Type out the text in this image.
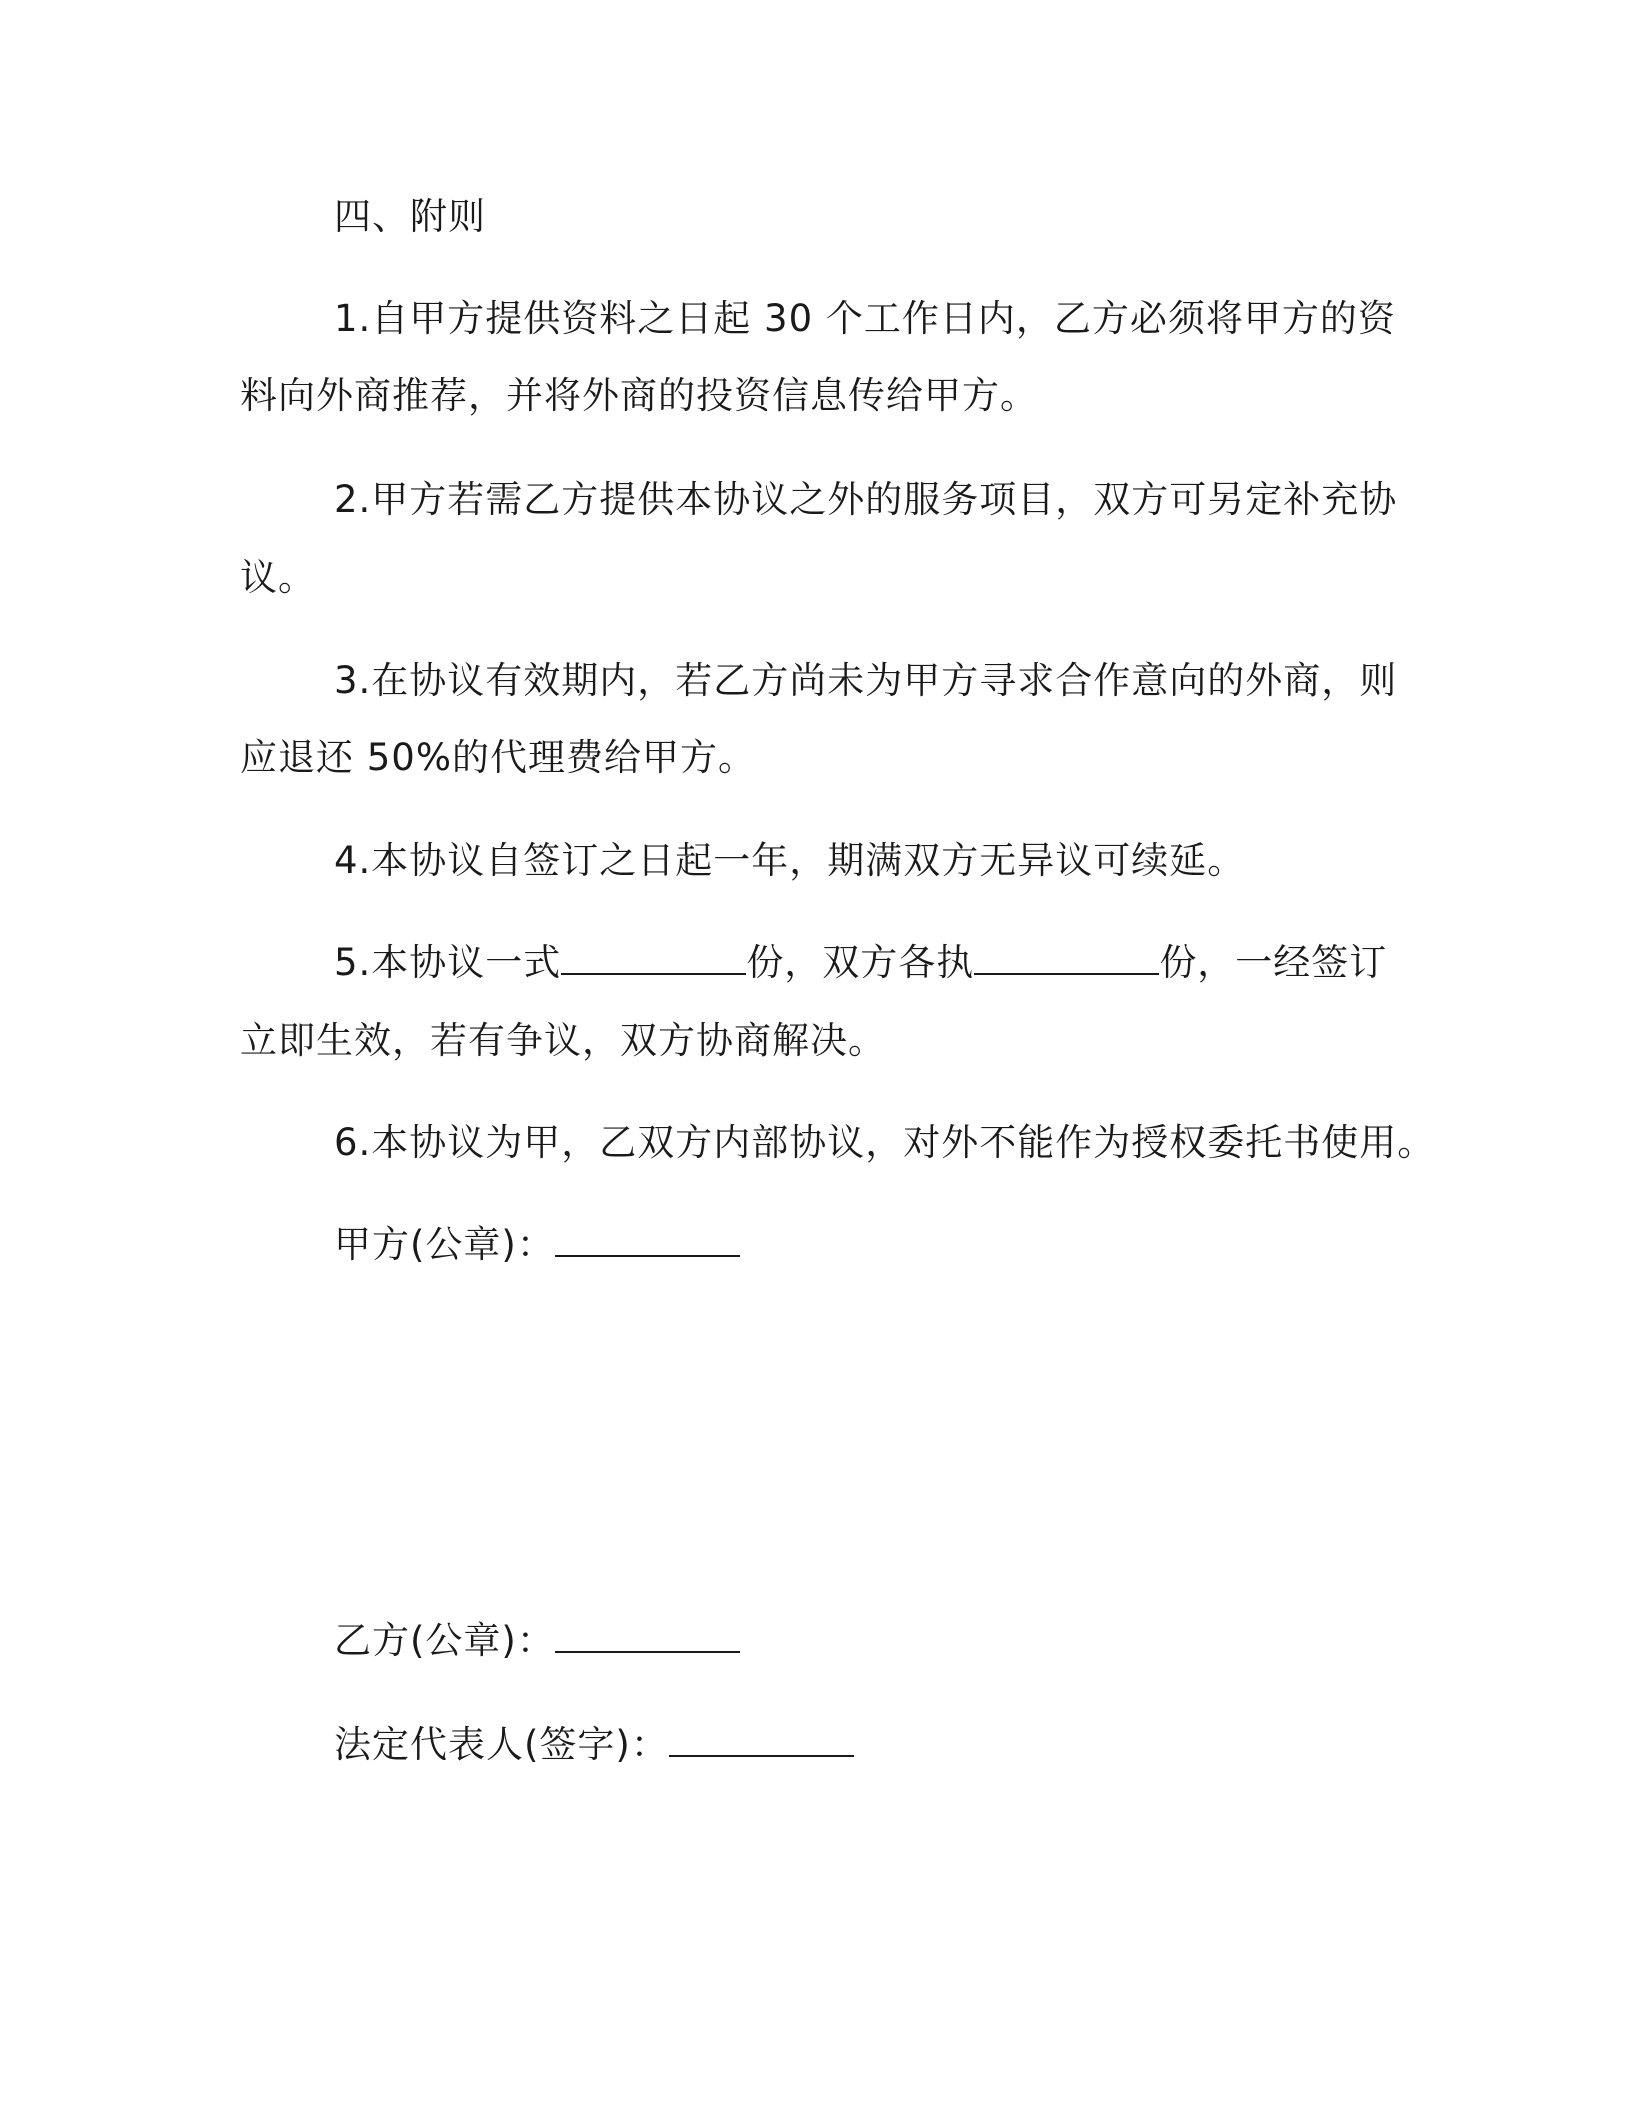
四、附则
1.自甲方提供资料之日起 30 个工作日内，乙方必须将甲方的资
料向外商推荐，并将外商的投资信息传给甲方。
2.甲方若需乙方提供本协议之外的服务项目，双方可另定补充协
议。
3.在协议有效期内，若乙方尚未为甲方寻求合作意向的外商，则
应退还 50%的代理费给甲方。
4.本协议自签订之日起一年，期满双方无异议可续延。
5.本协议一式	份，双方各执	份，一经签订
立即生效，若有争议，双方协商解决。
6.本协议为甲，乙双方内部协议，对外不能作为授权委托书使用。
甲方(公章)：
乙方(公章)：
法定代表人(签字)：
